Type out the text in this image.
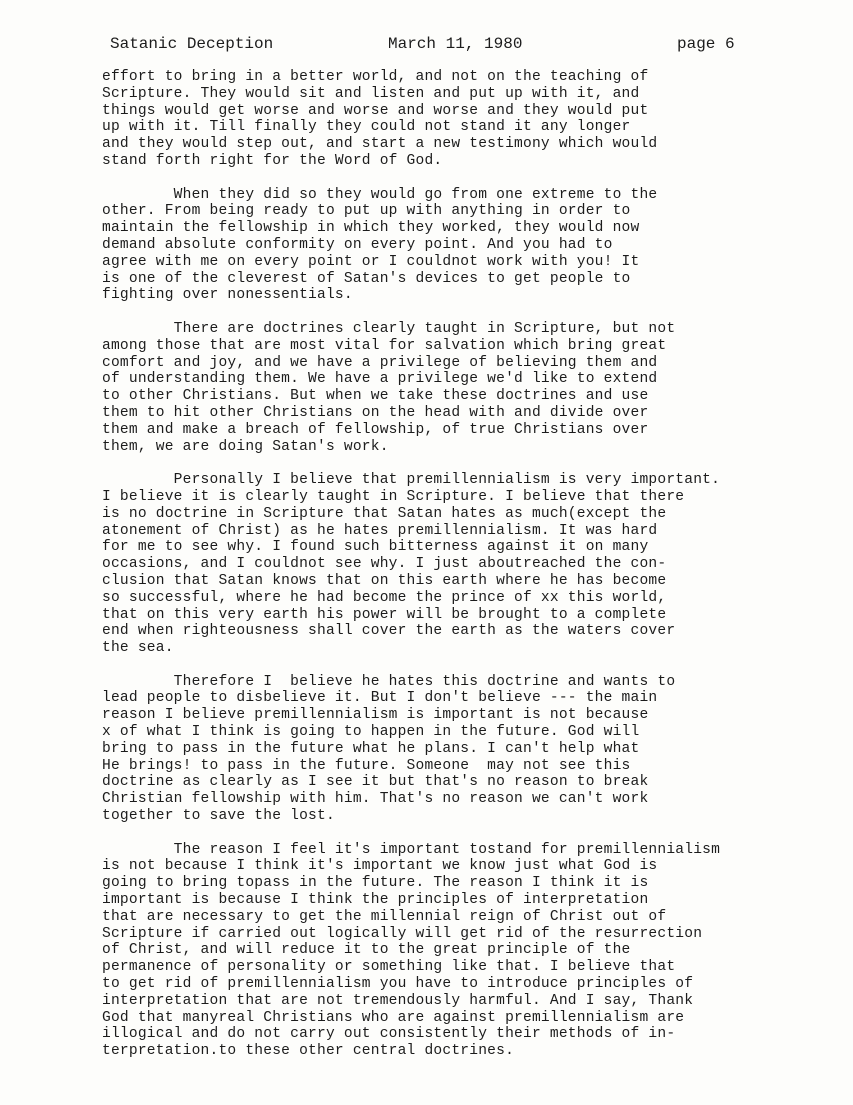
Satanic Deception	March 11, 1980	page 6
effort to bring in a better world, and not on the teaching of
Scripture. They would sit and listen and put up with it, and
things would get worse and worse and worse and they would put
up with it. Till finally they could not stand it any longer
and they would step out, and start a new testimony which would
stand forth right for the Word of God.
When they did so they would go from one extreme to the
other. From being ready to put up with anything in order to
maintain the fellowship in which they worked, they would now
demand absolute conformity on every point. And you had to
agree with me on every point or I couldnot work with you! It
is one of the cleverest of Satan's devices to get people to
fighting over nonessentials.
There are doctrines clearly taught in Scripture, but not
among those that are most vital for salvation which bring great
comfort and joy, and we have a privilege of believing them and
of understanding them. We have a privilege we'd like to extend
to other Christians. But when we take these doctrines and use
them to hit other Christians on the head with and divide over
them and make a breach of fellowship, of true Christians over
them, we are doing Satan's work.
Personally I believe that premillennialism is very important.
I believe it is clearly taught in Scripture. I believe that there
is no doctrine in Scripture that Satan hates as much(except the
atonement of Christ) as he hates premillennialism. It was hard
for me to see why. I found such bitterness against it on many
occasions, and I couldnot see why. I just aboutreached the con-
clusion that Satan knows that on this earth where he has become
so successful, where he had become the prince of xx this world,
that on this very earth his power will be brought to a complete
end when righteousness shall cover the earth as the waters cover
the sea.
Therefore I  believe he hates this doctrine and wants to
lead people to disbelieve it. But I don't believe --- the main
reason I believe premillennialism is important is not because
x of what I think is going to happen in the future. God will
bring to pass in the future what he plans. I can't help what
He brings! to pass in the future. Someone  may not see this
doctrine as clearly as I see it but that's no reason to break
Christian fellowship with him. That's no reason we can't work
together to save the lost.
The reason I feel it's important tostand for premillennialism
is not because I think it's important we know just what God is
going to bring topass in the future. The reason I think it is
important is because I think the principles of interpretation
that are necessary to get the millennial reign of Christ out of
Scripture if carried out logically will get rid of the resurrection
of Christ, and will reduce it to the great principle of the
permanence of personality or something like that. I believe that
to get rid of premillennialism you have to introduce principles of
interpretation that are not tremendously harmful. And I say, Thank
God that manyreal Christians who are against premillennialism are
illogical and do not carry out consistently their methods of in-
terpretation.to these other central doctrines.
